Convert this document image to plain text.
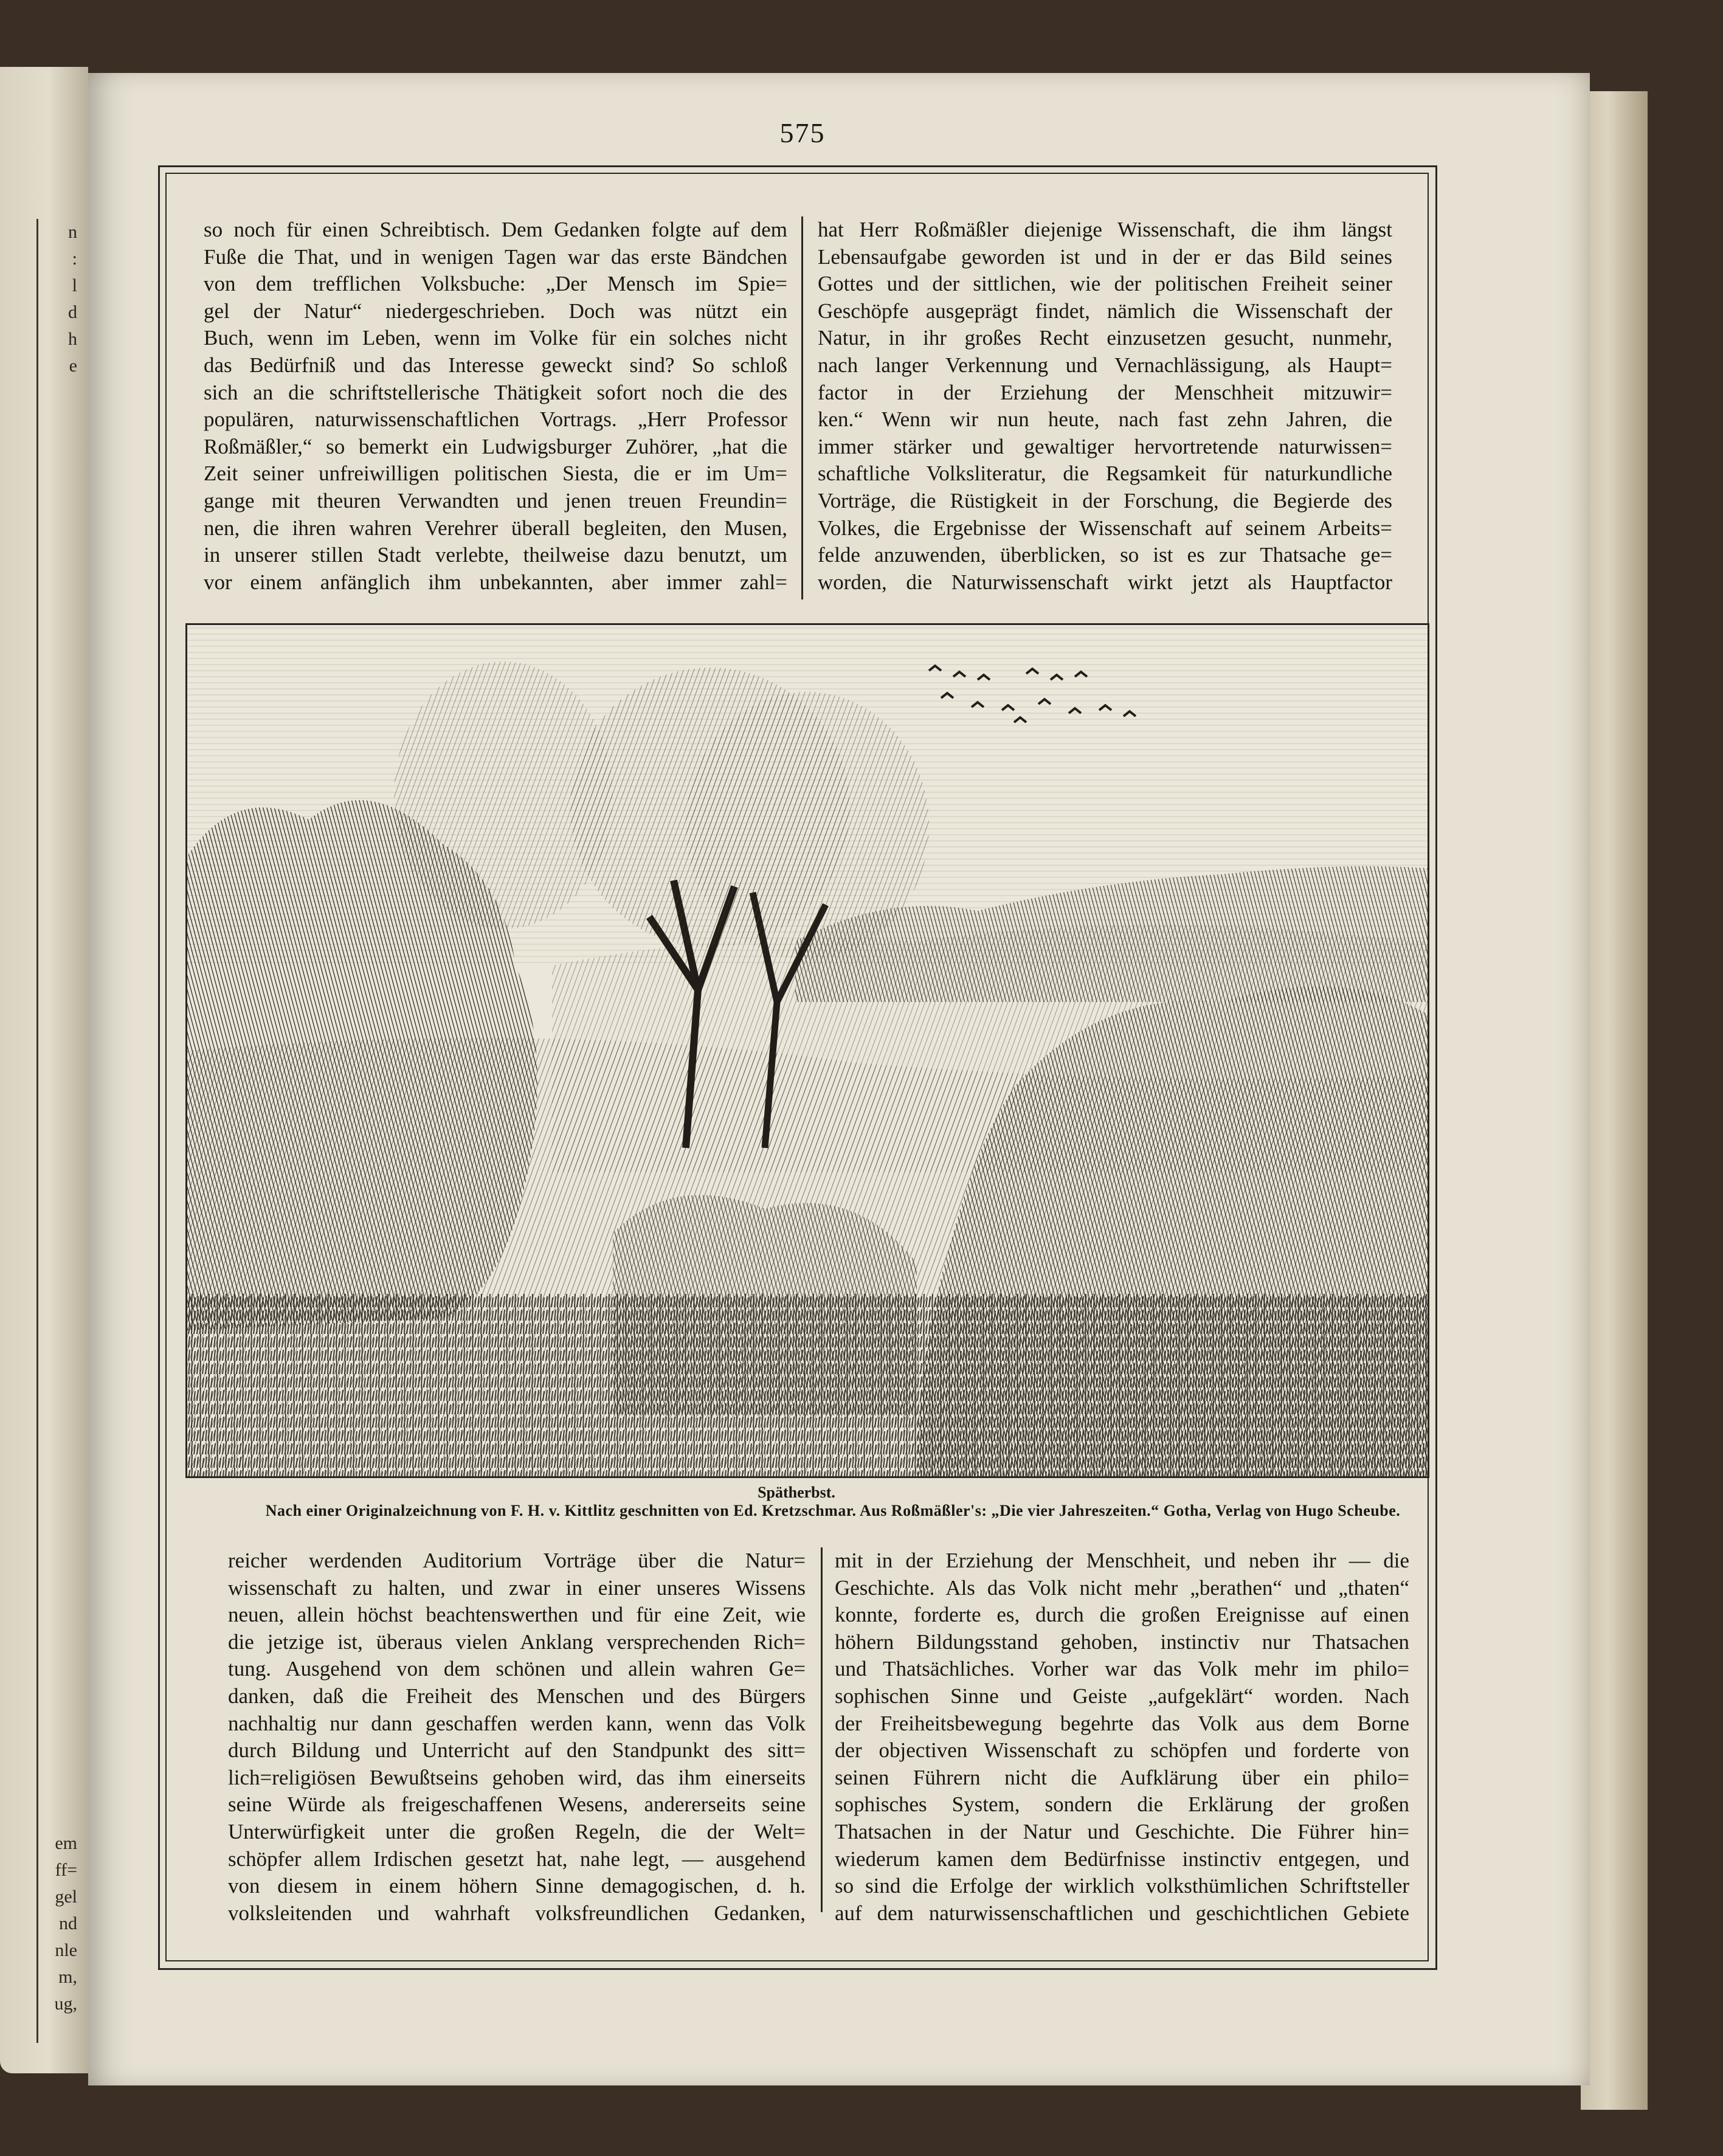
n
:
l
d
h
e
em
ff=
gel
nd
nle
m,
ug,
575

so noch für einen Schreibtisch. Dem Gedanken folgte auf dem

Fuße die That, und in wenigen Tagen war das erste Bändchen

von dem trefflichen Volksbuche: „Der Mensch im Spie=

gel der Natur“ niedergeschrieben. Doch was nützt ein

Buch, wenn im Leben, wenn im Volke für ein solches nicht

das Bedürfniß und das Interesse geweckt sind? So schloß

sich an die schriftstellerische Thätigkeit sofort noch die des

populären, naturwissenschaftlichen Vortrags. „Herr Professor

Roßmäßler,“ so bemerkt ein Ludwigsburger Zuhörer, „hat die

Zeit seiner unfreiwilligen politischen Siesta, die er im Um=

gange mit theuren Verwandten und jenen treuen Freundin=

nen, die ihren wahren Verehrer überall begleiten, den Musen,

in unserer stillen Stadt verlebte, theilweise dazu benutzt, um

vor einem anfänglich ihm unbekannten, aber immer zahl=

hat Herr Roßmäßler diejenige Wissenschaft, die ihm längst

Lebensaufgabe geworden ist und in der er das Bild seines

Gottes und der sittlichen, wie der politischen Freiheit seiner

Geschöpfe ausgeprägt findet, nämlich die Wissenschaft der

Natur, in ihr großes Recht einzusetzen gesucht, nunmehr,

nach langer Verkennung und Vernachlässigung, als Haupt=

factor in der Erziehung der Menschheit mitzuwir=

ken.“ Wenn wir nun heute, nach fast zehn Jahren, die

immer stärker und gewaltiger hervortretende naturwissen=

schaftliche Volksliteratur, die Regsamkeit für naturkundliche

Vorträge, die Rüstigkeit in der Forschung, die Begierde des

Volkes, die Ergebnisse der Wissenschaft auf seinem Arbeits=

felde anzuwenden, überblicken, so ist es zur Thatsache ge=

worden, die Naturwissenschaft wirkt jetzt als Hauptfactor

Spätherbst.
Nach einer Originalzeichnung von F. H. v. Kittlitz geschnitten von Ed. Kretzschmar. Aus Roßmäßler's: „Die vier Jahreszeiten.“ Gotha, Verlag von Hugo Scheube.

reicher werdenden Auditorium Vorträge über die Natur=

wissenschaft zu halten, und zwar in einer unseres Wissens

neuen, allein höchst beachtenswerthen und für eine Zeit, wie

die jetzige ist, überaus vielen Anklang versprechenden Rich=

tung. Ausgehend von dem schönen und allein wahren Ge=

danken, daß die Freiheit des Menschen und des Bürgers

nachhaltig nur dann geschaffen werden kann, wenn das Volk

durch Bildung und Unterricht auf den Standpunkt des sitt=

lich=religiösen Bewußtseins gehoben wird, das ihm einerseits

seine Würde als freigeschaffenen Wesens, andererseits seine

Unterwürfigkeit unter die großen Regeln, die der Welt=

schöpfer allem Irdischen gesetzt hat, nahe legt, — ausgehend

von diesem in einem höhern Sinne demagogischen, d. h.

volksleitenden und wahrhaft volksfreundlichen Gedanken,

mit in der Erziehung der Menschheit, und neben ihr — die

Geschichte. Als das Volk nicht mehr „berathen“ und „thaten“

konnte, forderte es, durch die großen Ereignisse auf einen

höhern Bildungsstand gehoben, instinctiv nur Thatsachen

und Thatsächliches. Vorher war das Volk mehr im philo=

sophischen Sinne und Geiste „aufgeklärt“ worden. Nach

der Freiheitsbewegung begehrte das Volk aus dem Borne

der objectiven Wissenschaft zu schöpfen und forderte von

seinen Führern nicht die Aufklärung über ein philo=

sophisches System, sondern die Erklärung der großen

Thatsachen in der Natur und Geschichte. Die Führer hin=

wiederum kamen dem Bedürfnisse instinctiv entgegen, und

so sind die Erfolge der wirklich volksthümlichen Schriftsteller

auf dem naturwissenschaftlichen und geschichtlichen Gebiete
